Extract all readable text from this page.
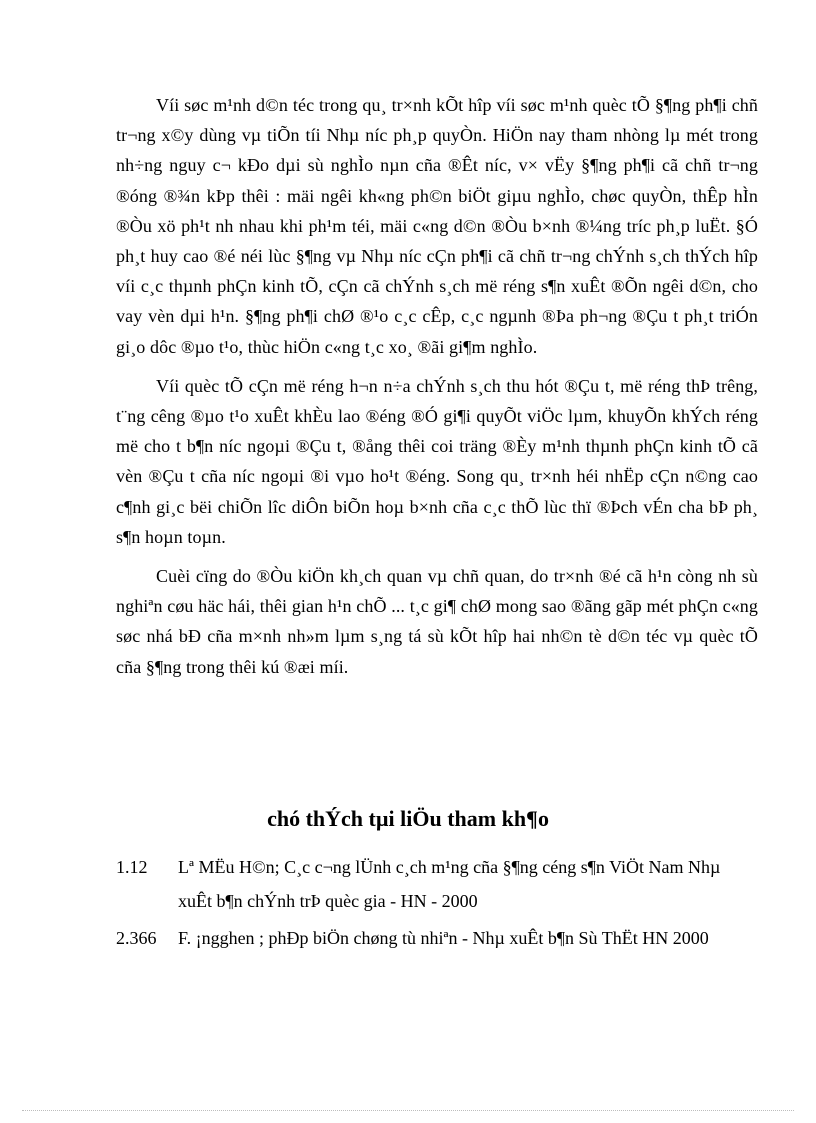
Víi søc m¹nh d©n téc trong qu¸ tr×nh kÕt hîp víi søc m¹nh quèc tÕ §¶ng ph¶i chñ tr¬ng x©y dùng vµ tiÕn tíi Nhµ níc ph¸p quyÒn. HiÖn nay tham nhòng lµ mét trong nh÷ng nguy c¬ kÐo dµi sù nghÌo nµn cña ®Êt níc, v× vËy §¶ng ph¶i cã chñ tr¬ng ®óng ®¾n kÞp thêi : mäi ngêi kh«ng ph©n biÖt giµu nghÌo, chøc quyÒn, thÊp hÌn ®Òu xö ph¹t nh nhau khi ph¹m téi, mäi c«ng d©n ®Òu b×nh ®¼ng tríc ph¸p luËt. §Ó ph¸t huy cao ®é néi lùc §¶ng vµ Nhµ níc cÇn ph¶i cã chñ tr¬ng chÝnh s¸ch thÝch hîp víi c¸c thµnh phÇn kinh tÕ, cÇn cã chÝnh s¸ch më réng s¶n xuÊt ®Õn ngêi d©n, cho vay vèn dµi h¹n. §¶ng ph¶i chØ ®¹o c¸c cÊp, c¸c ngµnh ®Þa ph¬ng ®Çu t ph¸t triÓn gi¸o dôc ®µo t¹o, thùc hiÖn c«ng t¸c xo¸ ®ãi gi¶m nghÌo.

Víi quèc tÕ cÇn më réng h¬n n÷a chÝnh s¸ch thu hót ®Çu t, më réng thÞ trêng, t¨ng cêng ®µo t¹o xuÊt khÈu lao ®éng ®Ó gi¶i quyÕt viÖc lµm, khuyÕn khÝch réng më cho t b¶n níc ngoµi ®Çu t, ®ång thêi coi träng ®Èy m¹nh thµnh phÇn kinh tÕ cã vèn ®Çu t cña níc ngoµi ®i vµo ho¹t ®éng. Song qu¸ tr×nh héi nhËp cÇn n©ng cao c¶nh gi¸c bëi chiÕn lîc diÔn biÕn hoµ b×nh cña c¸c thÕ lùc thï ®Þch vÉn cha bÞ ph¸ s¶n hoµn toµn.

Cuèi cïng do ®Òu kiÖn kh¸ch quan vµ chñ quan, do tr×nh ®é cã h¹n còng nh sù nghiªn cøu häc hái, thêi gian h¹n chÕ ... t¸c gi¶ chØ mong sao ®ãng gãp mét phÇn c«ng søc nhá bÐ cña m×nh nh»m lµm s¸ng tá sù kÕt hîp hai nh©n tè d©n téc vµ quèc tÕ cña §¶ng trong thêi kú ®æi míi.

chó thÝch tµi liÖu tham kh¶o
1.12	Lª MËu H©n; C¸c c¬ng lÜnh c¸ch m¹ng cña §¶ng céng s¶n ViÖt Nam Nhµ xuÊt b¶n chÝnh trÞ quèc gia - HN - 2000
2.366	F. ¡ngghen ; phÐp biÖn chøng tù nhiªn - Nhµ xuÊt b¶n Sù ThËt HN 2000
